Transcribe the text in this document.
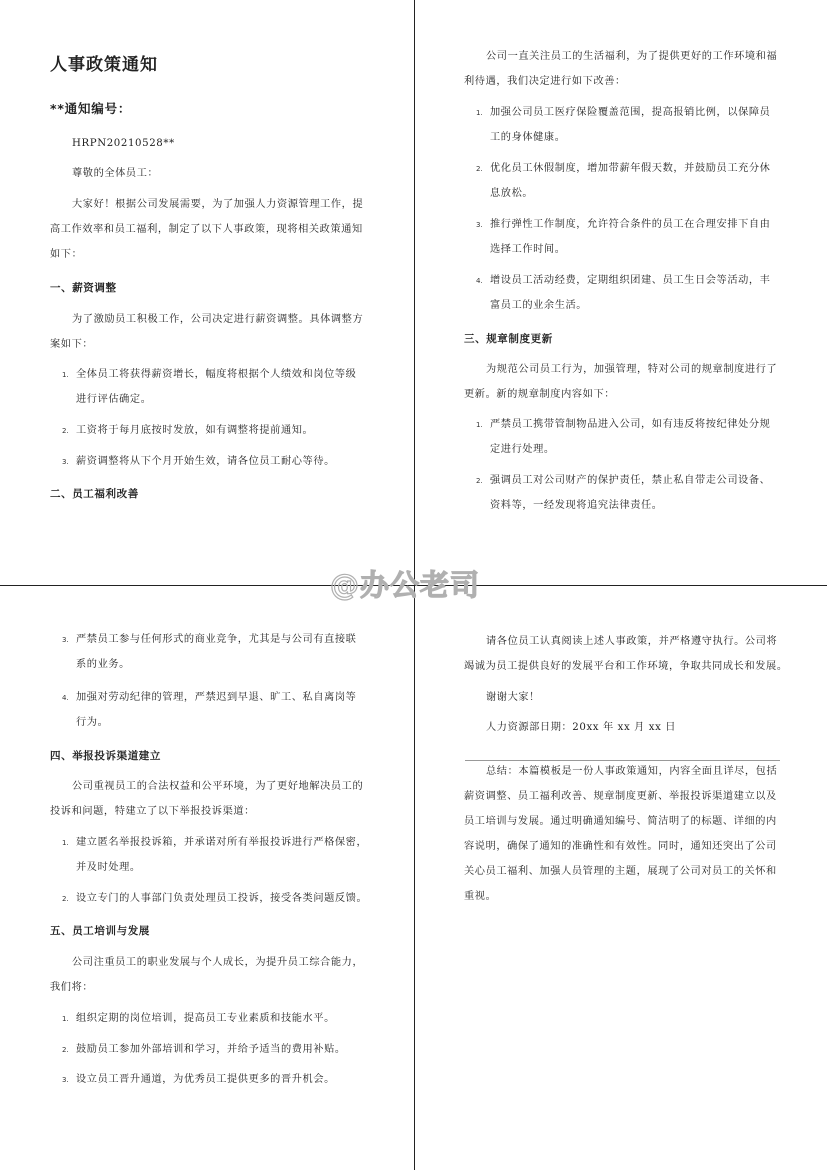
人事政策通知
**通知编号：
HRPN20210528**
尊敬的全体员工：
大家好！根据公司发展需要，为了加强人力资源管理工作，提
高工作效率和员工福利，制定了以下人事政策，现将相关政策通知
如下：
一、薪资调整
为了激励员工积极工作，公司决定进行薪资调整。具体调整方
案如下：
1. 全体员工将获得薪资增长，幅度将根据个人绩效和岗位等级
进行评估确定。
2. 工资将于每月底按时发放，如有调整将提前通知。
3. 薪资调整将从下个月开始生效，请各位员工耐心等待。
二、员工福利改善
公司一直关注员工的生活福利，为了提供更好的工作环境和福
利待遇，我们决定进行如下改善：
1. 加强公司员工医疗保险覆盖范围，提高报销比例，以保障员
工的身体健康。
2. 优化员工休假制度，增加带薪年假天数，并鼓励员工充分休
息放松。
3. 推行弹性工作制度，允许符合条件的员工在合理安排下自由
选择工作时间。
4. 增设员工活动经费，定期组织团建、员工生日会等活动，丰
富员工的业余生活。
三、规章制度更新
为规范公司员工行为，加强管理，特对公司的规章制度进行了
更新。新的规章制度内容如下：
1. 严禁员工携带管制物品进入公司，如有违反将按纪律处分规
定进行处理。
2. 强调员工对公司财产的保护责任，禁止私自带走公司设备、
资料等，一经发现将追究法律责任。
@办公老司
3. 严禁员工参与任何形式的商业竞争，尤其是与公司有直接联
系的业务。
4. 加强对劳动纪律的管理，严禁迟到早退、旷工、私自离岗等
行为。
四、举报投诉渠道建立
公司重视员工的合法权益和公平环境，为了更好地解决员工的
投诉和问题，特建立了以下举报投诉渠道：
1. 建立匿名举报投诉箱，并承诺对所有举报投诉进行严格保密，
并及时处理。
2. 设立专门的人事部门负责处理员工投诉，接受各类问题反馈。
五、员工培训与发展
公司注重员工的职业发展与个人成长，为提升员工综合能力，
我们将：
1. 组织定期的岗位培训，提高员工专业素质和技能水平。
2. 鼓励员工参加外部培训和学习，并给予适当的费用补贴。
3. 设立员工晋升通道，为优秀员工提供更多的晋升机会。
请各位员工认真阅读上述人事政策，并严格遵守执行。公司将
竭诚为员工提供良好的发展平台和工作环境，争取共同成长和发展。
谢谢大家！
人力资源部日期：20xx 年 xx 月 xx 日
总结：本篇模板是一份人事政策通知，内容全面且详尽，包括
薪资调整、员工福利改善、规章制度更新、举报投诉渠道建立以及
员工培训与发展。通过明确通知编号、简洁明了的标题、详细的内
容说明，确保了通知的准确性和有效性。同时，通知还突出了公司
关心员工福利、加强人员管理的主题，展现了公司对员工的关怀和
重视。
